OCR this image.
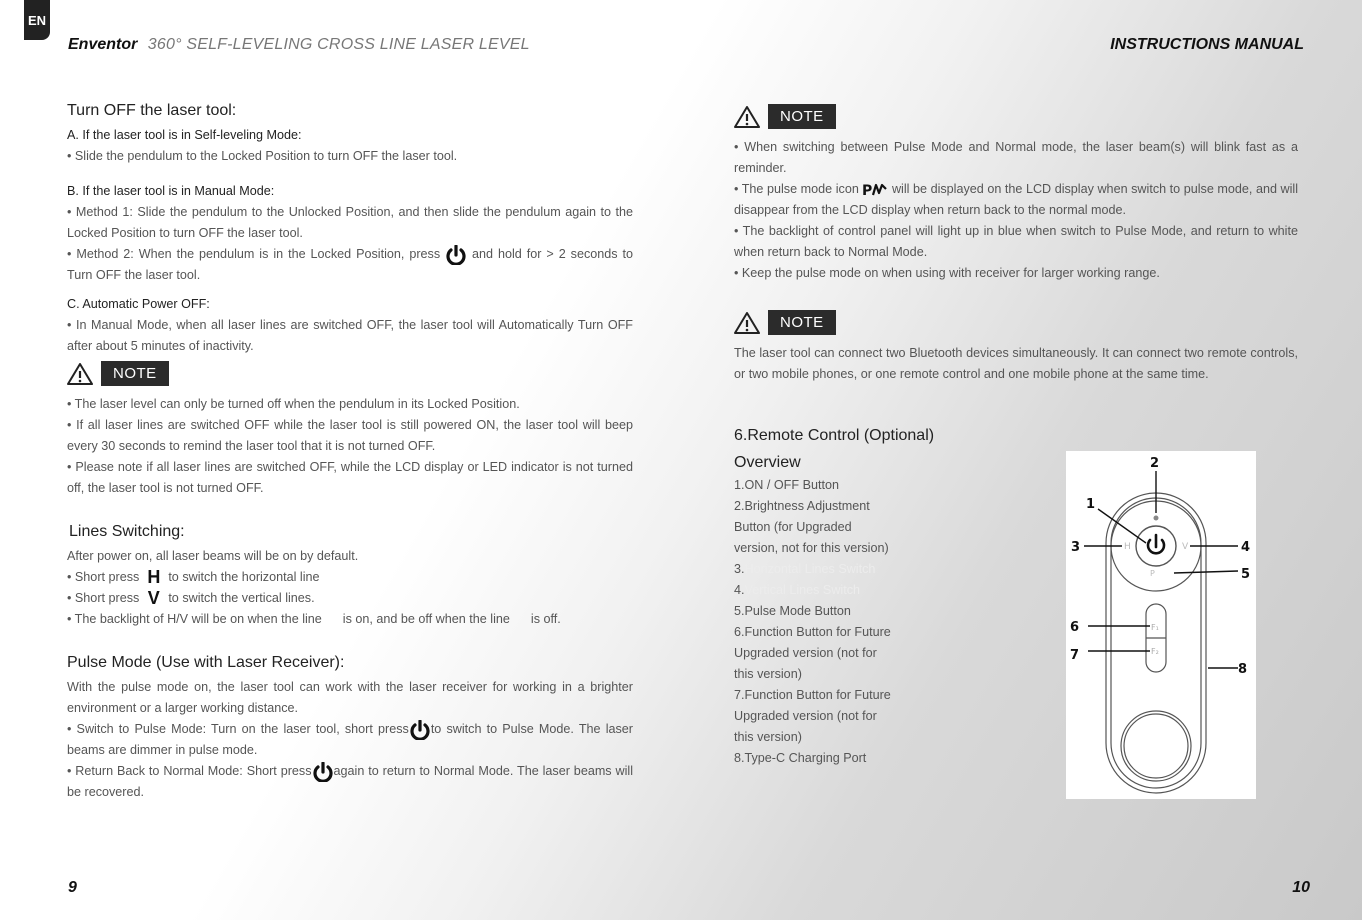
EN
Enventor 360° SELF-LEVELING CROSS LINE LASER LEVEL	INSTRUCTIONS MANUAL
Turn OFF the laser tool:
A. If the laser tool is in Self-leveling Mode:

• Slide the pendulum to the Locked Position to turn OFF the laser tool.

B. If the laser tool is in Manual Mode:

• Method 1: Slide the pendulum to the Unlocked Position, and then slide the pendulum again to the Locked Position to turn OFF the laser tool.

• Method 2: When the pendulum is in the Locked Position, press	and hold for > 2 seconds to Turn OFF the laser tool.

C. Automatic Power OFF:

• In Manual Mode, when all laser lines are switched OFF, the laser tool will Automatically Turn OFF after about 5 minutes of inactivity.

NOTE

• The laser level can only be turned off when the pendulum in its Locked Position.

• If all laser lines are switched OFF while the laser tool is still powered ON, the laser tool will beep every 30 seconds to remind the laser tool that it is not turned OFF.

• Please note if all laser lines are switched OFF, while the LCD display or LED indicator is not turned off, the laser tool is not turned OFF.

Lines Switching:

After power on, all laser beams will be on by default.

• Short press H to switch the horizontal line

• Short press V to switch the vertical lines.

• The backlight of H/V will be on when the line      is on, and be off when the line      is off.

Pulse Mode (Use with Laser Receiver):

With the pulse mode on, the laser tool can work with the laser receiver for working in a brighter environment or a larger working distance.

• Switch to Pulse Mode: Turn on the laser tool, short press to switch to Pulse Mode. The laser beams are dimmer in pulse mode.

• Return Back to Normal Mode: Short press again to return to Normal Mode. The laser beams will be recovered.

NOTE

• When switching between Pulse Mode and Normal mode, the laser beam(s) will blink fast as a reminder.

• The pulse mode icon P will be displayed on the LCD display when switch to pulse mode, and will disappear from the LCD display when return back to the normal mode.

• The backlight of control panel will light up in blue when switch to Pulse Mode, and return to white when return back to Normal Mode.

• Keep the pulse mode on when using with receiver for larger working range.

NOTE

The laser tool can connect two Bluetooth devices simultaneously. It can connect two remote controls, or two mobile phones, or one remote control and one mobile phone at the same time.

6.Remote Control (Optional)
Overview
1.ON / OFF Button
2.Brightness Adjustment
Button (for Upgraded
version, not for this version)
3.Horizontal Lines Switch
4.Vertical Lines Switch
5.Pulse Mode Button
6.Function Button for Future
Upgraded version (not for
this version)
7.Function Button for Future
Upgraded version (not for
this version)
8.Type-C Charging Port
H	V
P
F₁
F₂
1
2
3	4
5
6
7
8
9	10
